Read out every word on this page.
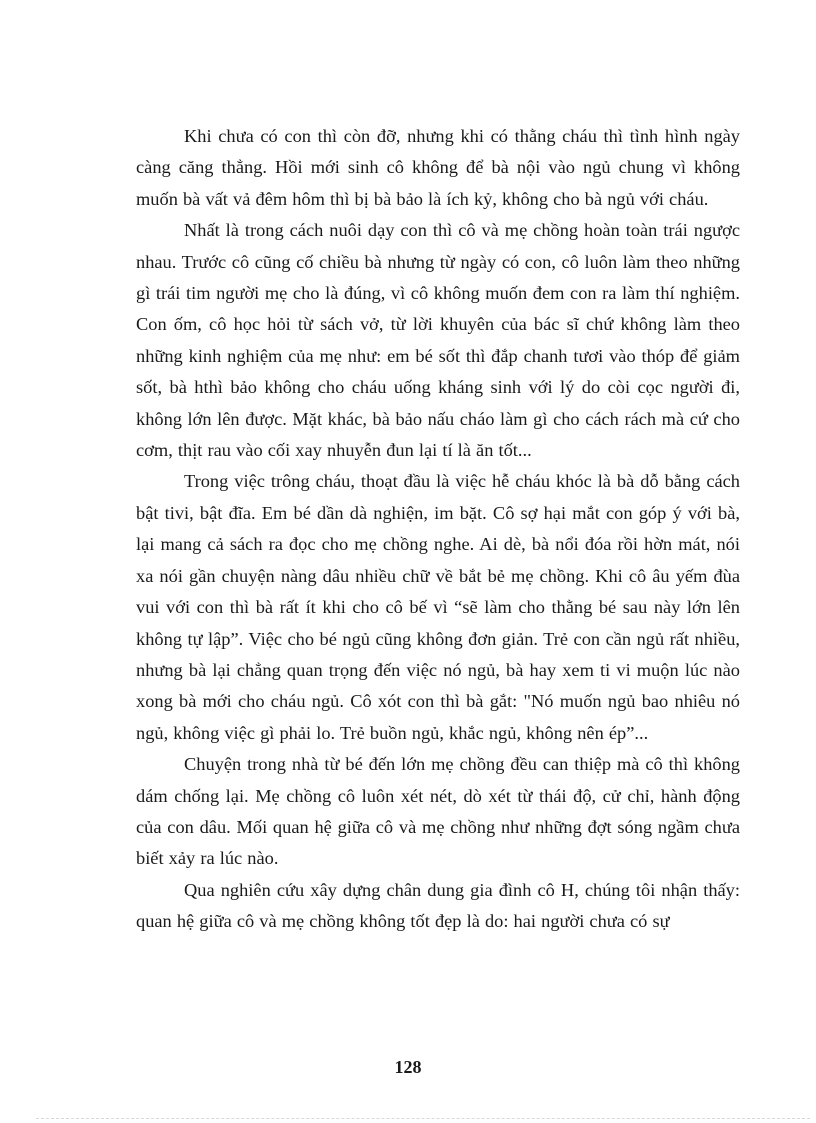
Khi chưa có con thì còn đỡ, nhưng khi có thằng cháu thì tình hình ngày càng căng thẳng. Hồi mới sinh cô không để bà nội vào ngủ chung vì không muốn bà vất vả đêm hôm thì bị bà bảo là ích kỷ, không cho bà ngủ với cháu.

Nhất là trong cách nuôi dạy con thì cô và mẹ chồng hoàn toàn trái ngược nhau. Trước cô cũng cố chiều bà nhưng từ ngày có con, cô luôn làm theo những gì trái tim người mẹ cho là đúng, vì cô không muốn đem con ra làm thí nghiệm. Con ốm, cô học hỏi từ sách vở, từ lời khuyên của bác sĩ chứ không làm theo những kinh nghiệm của mẹ như: em bé sốt thì đắp chanh tươi vào thóp để giảm sốt, bà hthì bảo không cho cháu uống kháng sinh với lý do còi cọc người đi, không lớn lên được. Mặt khác, bà bảo nấu cháo làm gì cho cách rách mà cứ cho cơm, thịt rau vào cối xay nhuyễn đun lại tí là ăn tốt...

Trong việc trông cháu, thoạt đầu là việc hễ cháu khóc là bà dỗ bằng cách bật tivi, bật đĩa. Em bé dần dà nghiện, im bặt. Cô sợ hại mắt con góp ý với bà, lại mang cả sách ra đọc cho mẹ chồng nghe. Ai dè, bà nổi đóa rồi hờn mát, nói xa nói gần chuyện nàng dâu nhiều chữ về bắt bẻ mẹ chồng. Khi cô âu yếm đùa vui với con thì bà rất ít khi cho cô bế vì “sẽ làm cho thằng bé sau này lớn lên không tự lập”. Việc cho bé ngủ cũng không đơn giản. Trẻ con cần ngủ rất nhiều, nhưng bà lại chẳng quan trọng đến việc nó ngủ, bà hay xem ti vi muộn lúc nào xong bà mới cho cháu ngủ. Cô xót con thì bà gắt: "Nó muốn ngủ bao nhiêu nó ngủ, không việc gì phải lo. Trẻ buồn ngủ, khắc ngủ, không nên ép”...

Chuyện trong nhà từ bé đến lớn mẹ chồng đều can thiệp mà cô thì không dám chống lại. Mẹ chồng cô luôn xét nét, dò xét từ thái độ, cử chỉ, hành động của con dâu. Mối quan hệ giữa cô và mẹ chồng như những đợt sóng ngầm chưa biết xảy ra lúc nào.

Qua nghiên cứu xây dựng chân dung gia đình cô H, chúng tôi nhận thấy: quan hệ giữa cô và mẹ chồng không tốt đẹp là do: hai người chưa có sự

128
